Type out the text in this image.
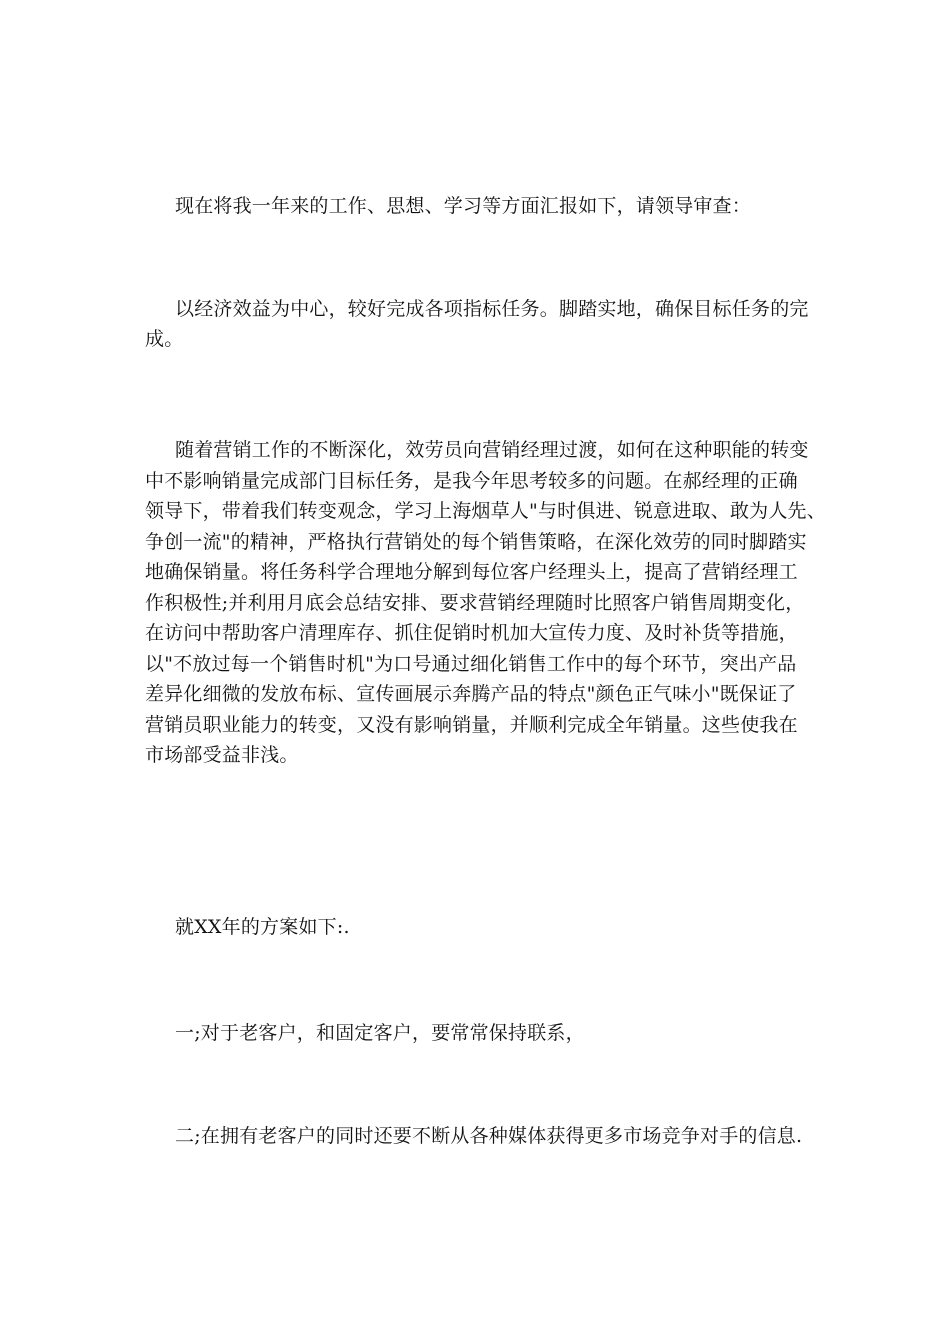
现在将我一年来的工作、思想、学习等方面汇报如下，请领导审查：

以经济效益为中心，较好完成各项指标任务。脚踏实地，确保目标任务的完
成。

随着营销工作的不断深化，效劳员向营销经理过渡，如何在这种职能的转变
中不影响销量完成部门目标任务，是我今年思考较多的问题。在郝经理的正确
领导下，带着我们转变观念，学习上海烟草人"与时俱进、锐意进取、敢为人先、
争创一流"的精神，严格执行营销处的每个销售策略，在深化效劳的同时脚踏实
地确保销量。将任务科学合理地分解到每位客户经理头上，提高了营销经理工
作积极性;并利用月底会总结安排、要求营销经理随时比照客户销售周期变化，
在访问中帮助客户清理库存、抓住促销时机加大宣传力度、及时补货等措施，
以"不放过每一个销售时机"为口号通过细化销售工作中的每个环节，突出产品
差异化细微的发放布标、宣传画展示奔腾产品的特点"颜色正气味小"既保证了
营销员职业能力的转变，又没有影响销量，并顺利完成全年销量。这些使我在
市场部受益非浅。

就XX年的方案如下:.

一;对于老客户，和固定客户，要常常保持联系，

二;在拥有老客户的同时还要不断从各种媒体获得更多市场竞争对手的信息.
